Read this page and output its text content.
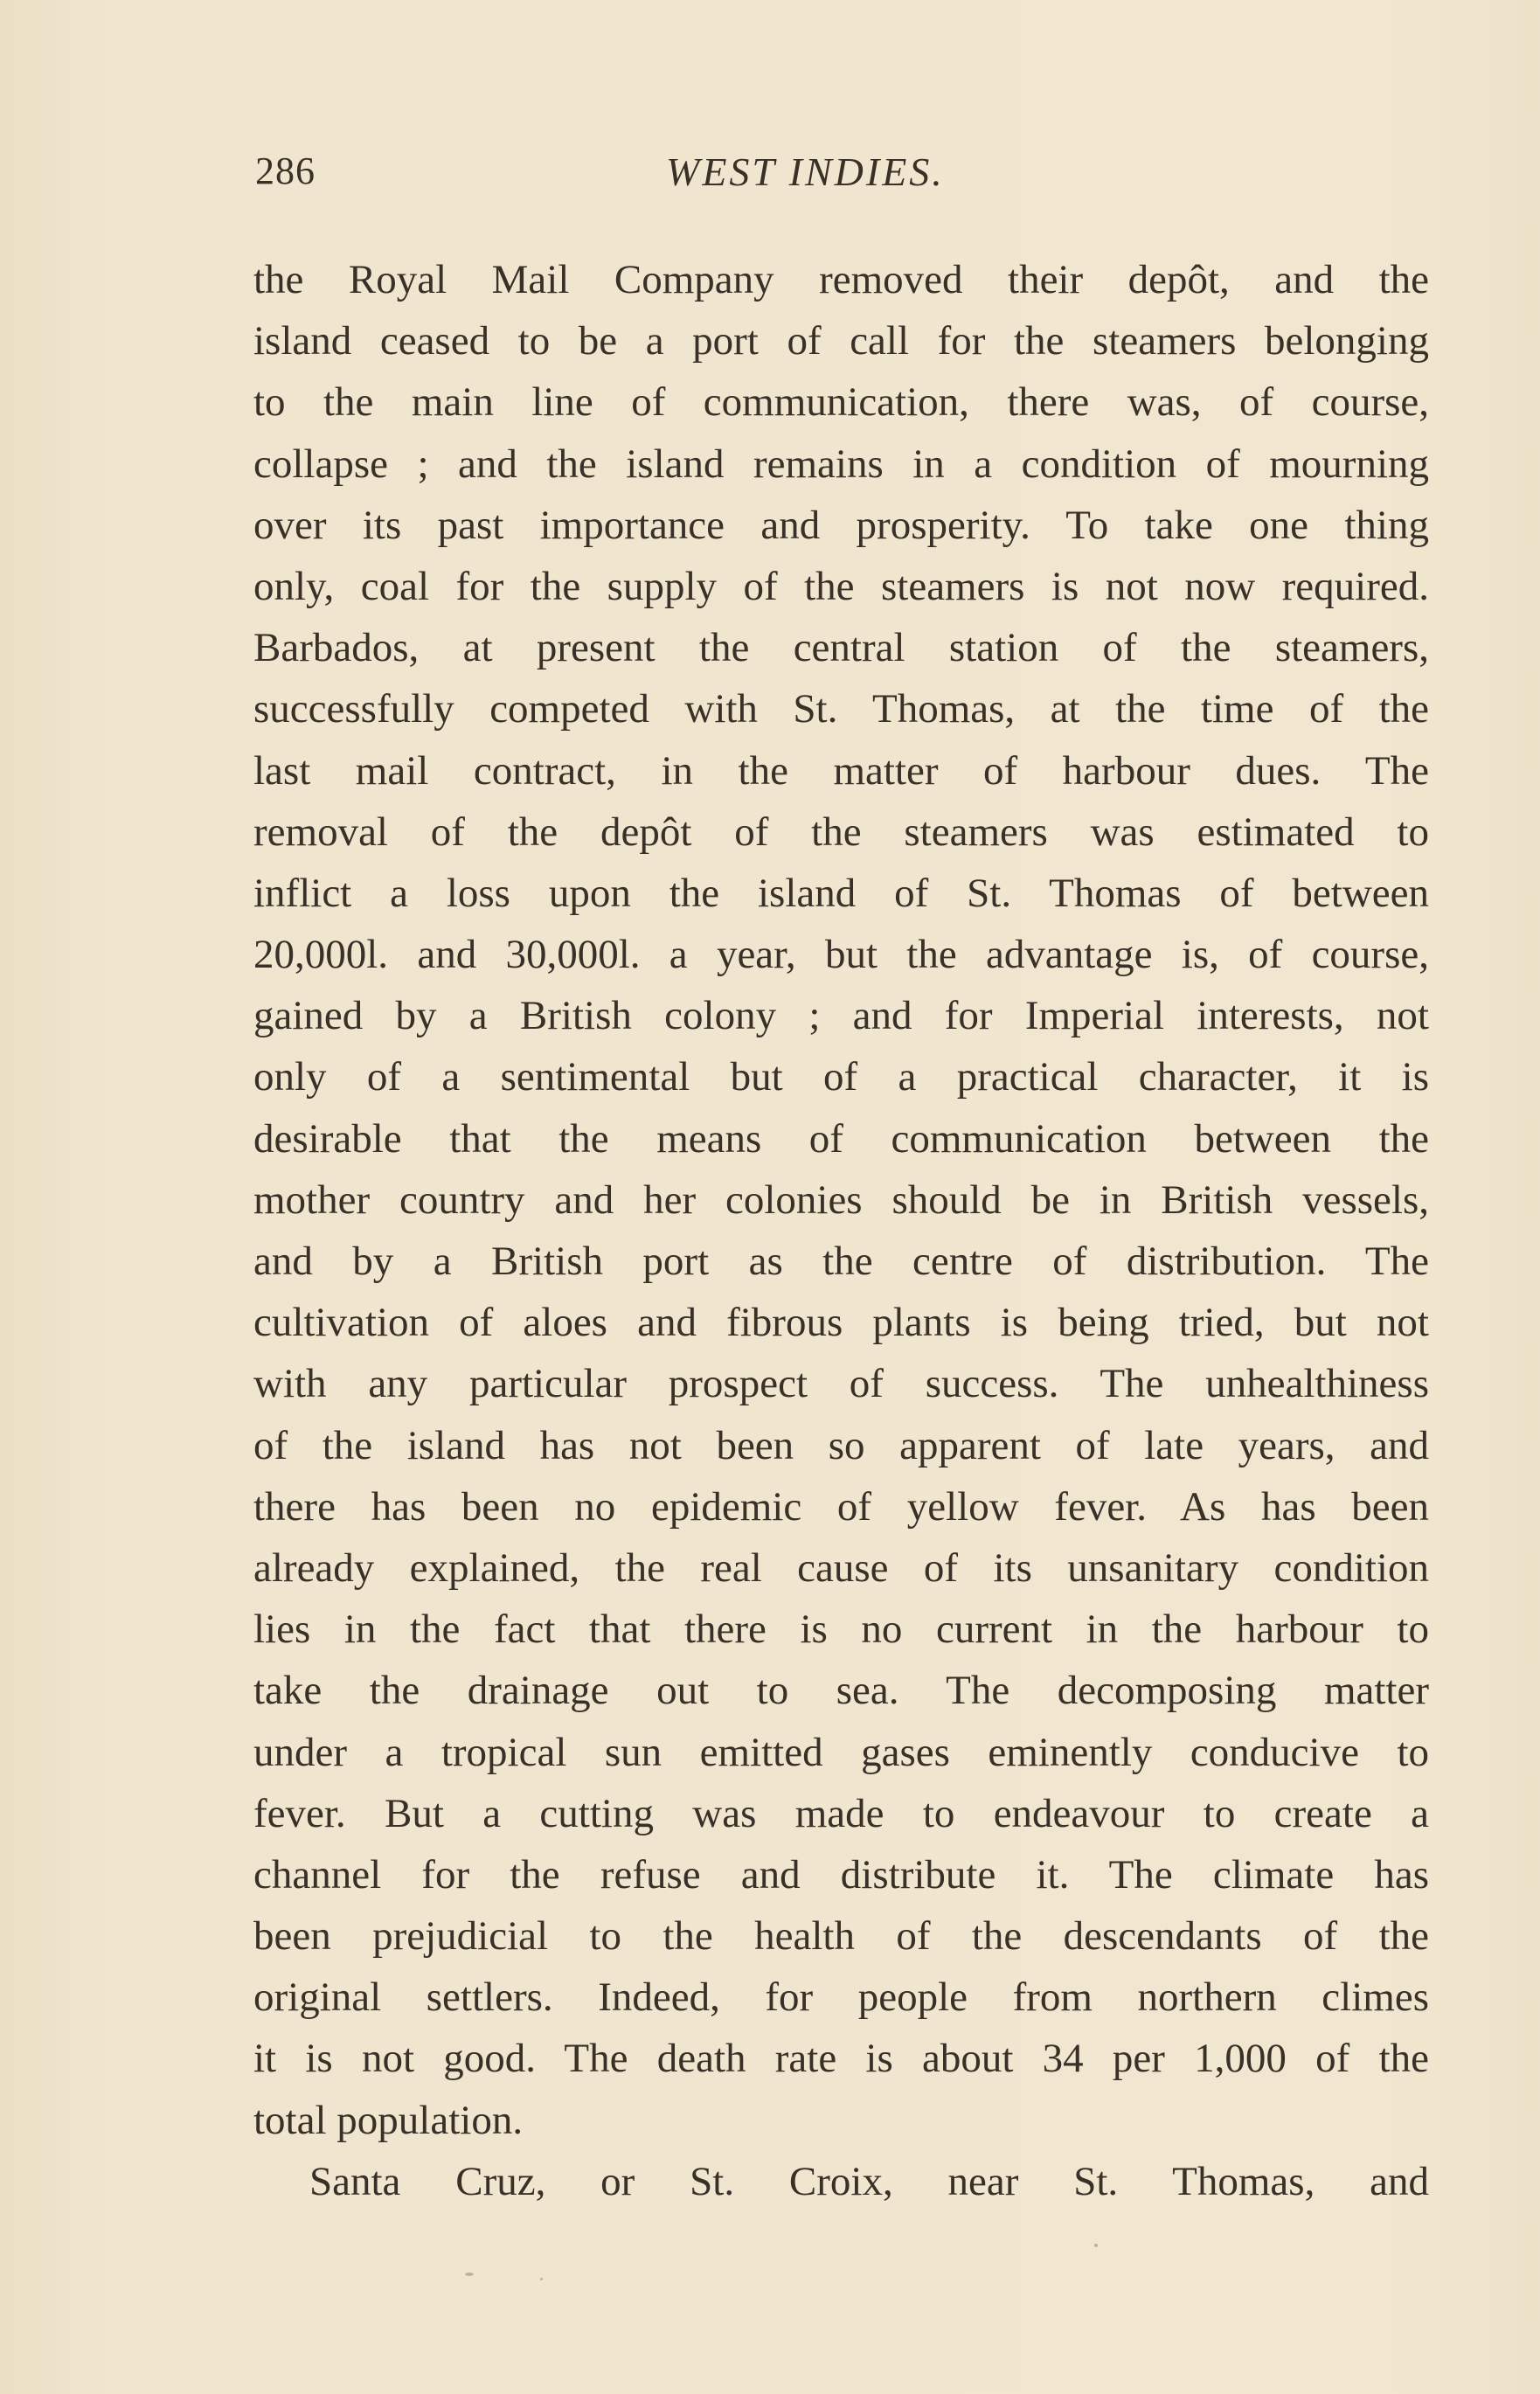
286	WEST INDIES.
the Royal Mail Company removed their depôt, and the
island ceased to be a port of call for the steamers belonging
to the main line of communication, there was, of course,
collapse ; and the island remains in a condition of mourning
over its past importance and prosperity. To take one thing
only, coal for the supply of the steamers is not now required.
Barbados, at present the central station of the steamers,
successfully competed with St. Thomas, at the time of the
last mail contract, in the matter of harbour dues. The
removal of the depôt of the steamers was estimated to
inflict a loss upon the island of St. Thomas of between
20,000l. and 30,000l. a year, but the advantage is, of course,
gained by a British colony ; and for Imperial interests, not
only of a sentimental but of a practical character, it is
desirable that the means of communication between the
mother country and her colonies should be in British vessels,
and by a British port as the centre of distribution. The
cultivation of aloes and fibrous plants is being tried, but not
with any particular prospect of success. The unhealthiness
of the island has not been so apparent of late years, and
there has been no epidemic of yellow fever. As has been
already explained, the real cause of its unsanitary condition
lies in the fact that there is no current in the harbour to
take the drainage out to sea. The decomposing matter
under a tropical sun emitted gases eminently conducive to
fever. But a cutting was made to endeavour to create a
channel for the refuse and distribute it. The climate has
been prejudicial to the health of the descendants of the
original settlers. Indeed, for people from northern climes
it is not good. The death rate is about 34 per 1,000 of the
total population.
Santa Cruz, or St. Croix, near St. Thomas, and
